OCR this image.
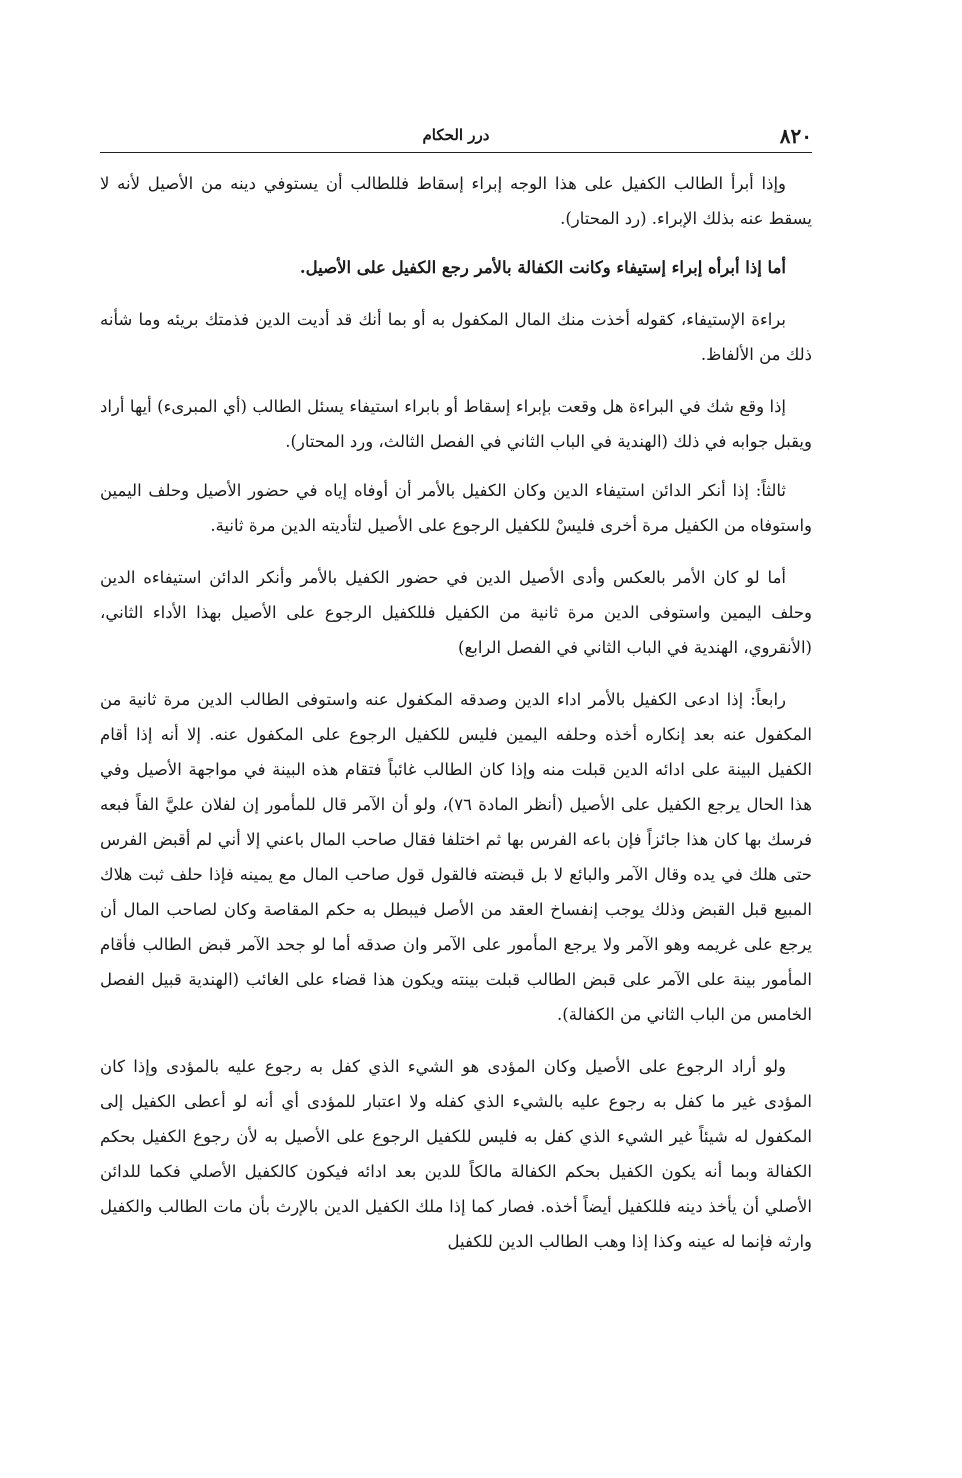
٨٢٠
درر الحكام

وإذا أبرأ الطالب الكفيل على هذا الوجه إبراء إسقاط فللطالب أن يستوفي دينه من الأصيل لأنه لا يسقط عنه بذلك الإبراء. (رد المحتار).

أما إذا أبرأه إبراء إستيفاء وكانت الكفالة بالأمر رجع الكفيل على الأصيل.

براءة الإستيفاء، كقوله أخذت منك المال المكفول به أو بما أنك قد أديت الدين فذمتك بريئه وما شأنه ذلك من الألفاظ.

إذا وقع شك في البراءة هل وقعت بإبراء إسقاط أو بابراء استيفاء يسئل الطالب (أي المبرىء) أيها أراد ويقبل جوابه في ذلك (الهندية في الباب الثاني في الفصل الثالث، ورد المحتار).

ثالثاً: إذا أنكر الدائن استيفاء الدين وكان الكفيل بالأمر أن أوفاه إياه في حضور الأصيل وحلف اليمين واستوفاه من الكفيل مرة أخرى فليسْ للكفيل الرجوع على الأصيل لتأديته الدين مرة ثانية.

أما لو كان الأمر بالعكس وأدى الأصيل الدين في حضور الكفيل بالأمر وأنكر الدائن استيفاءه الدين وحلف اليمين واستوفى الدين مرة ثانية من الكفيل فللكفيل الرجوع على الأصيل بهذا الأداء الثاني،(الأنقروي، الهندية في الباب الثاني في الفصل الرابع)

رابعاً: إذا ادعى الكفيل بالأمر اداء الدين وصدقه المكفول عنه واستوفى الطالب الدين مرة ثانية من المكفول عنه بعد إنكاره أخذه وحلفه اليمين فليس للكفيل الرجوع على المكفول عنه. إلا أنه إذا أقام الكفيل البينة على ادائه الدين قبلت منه وإذا كان الطالب غائباً فتقام هذه البينة في مواجهة الأصيل وفي هذا الحال يرجع الكفيل على الأصيل (أنظر المادة ٧٦)، ولو أن الآمر قال للمأمور إن لفلان عليَّ الفاً فبعه فرسك بها كان هذا جائزاً فإن باعه الفرس بها ثم اختلفا فقال صاحب المال باعني إلا أني لم أقبض الفرس حتى هلك في يده وقال الآمر والبائع لا بل قبضته فالقول قول صاحب المال مع يمينه فإذا حلف ثبت هلاك المبيع قبل القبض وذلك يوجب إنفساخ العقد من الأصل فيبطل به حكم المقاصة وكان لصاحب المال أن يرجع على غريمه وهو الآمر ولا يرجع المأمور على الآمر وان صدقه أما لو جحد الآمر قبض الطالب فأقام المأمور بينة على الآمر على قبض الطالب قبلت بينته ويكون هذا قضاء على الغائب (الهندية قبيل الفصل الخامس من الباب الثاني من الكفالة).

ولو أراد الرجوع على الأصيل وكان المؤدى هو الشيء الذي كفل به رجوع عليه بالمؤدى وإذا كان المؤدى غير ما كفل به رجوع عليه بالشيء الذي كفله ولا اعتبار للمؤدى أي أنه لو أعطى الكفيل إلى المكفول له شيئاً غير الشيء الذي كفل به فليس للكفيل الرجوع على الأصيل به لأن رجوع الكفيل بحكم الكفالة وبما أنه يكون الكفيل بحكم الكفالة مالكاً للدين بعد ادائه فيكون كالكفيل الأصلي فكما للدائن الأصلي أن يأخذ دينه فللكفيل أيضاً أخذه. فصار كما إذا ملك الكفيل الدين بالإرث بأن مات الطالب والكفيل وارثه فإنما له عينه وكذا إذا وهب الطالب الدين للكفيل
